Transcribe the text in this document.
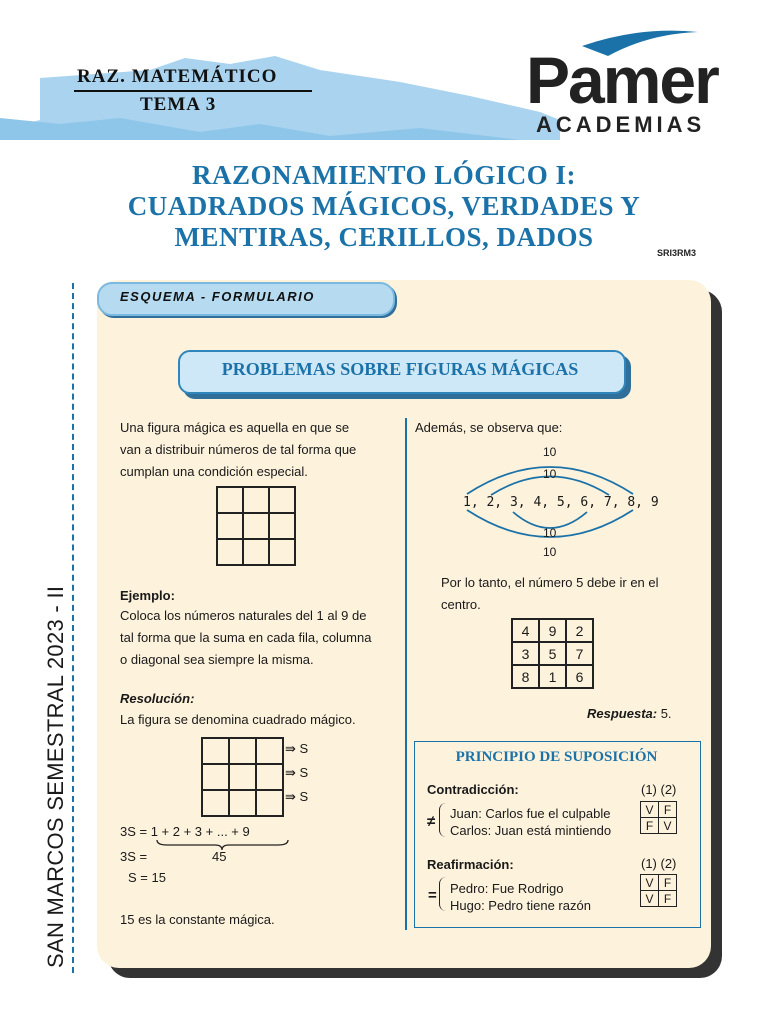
RAZ. MATEMÁTICO
TEMA 3	Pamer
ACADEMIAS
RAZONAMIENTO LÓGICO I:
CUADRADOS MÁGICOS, VERDADES Y
MENTIRAS, CERILLOS, DADOS
SRI3RM3
SAN MARCOS SEMESTRAL 2023 - II
ESQUEMA - FORMULARIO
PROBLEMAS SOBRE FIGURAS MÁGICAS
Una figura mágica es aquella en que se
van a distribuir números de tal forma que
cumplan una condición especial.

Ejemplo:
Coloca los números naturales del 1 al 9 de
tal forma que la suma en cada fila, columna
o diagonal sea siempre la misma.
Resolución:
La figura se denomina cuadrado mágico.

⇛ S
⇛ S
⇛ S
3S = 1 + 2 + 3 + ... + 9
3S =	45
S = 15
15 es la constante mágica.
Además, se observa que:
10
10
1, 2, 3, 4, 5, 6, 7, 8, 9
10
10
Por lo tanto, el número 5 debe ir en el
centro.
4	9	2
3	5	7
8	1	6
Respuesta: 5.
PRINCIPIO DE SUPOSICIÓN
Contradicción:	(1) (2)
≠ Juan: Carlos fue el culpable
Carlos: Juan está mintiendo
V	F
F	V
Reafirmación:	(1) (2)
= Pedro: Fue Rodrigo
Hugo: Pedro tiene razón
V	F
V	F
